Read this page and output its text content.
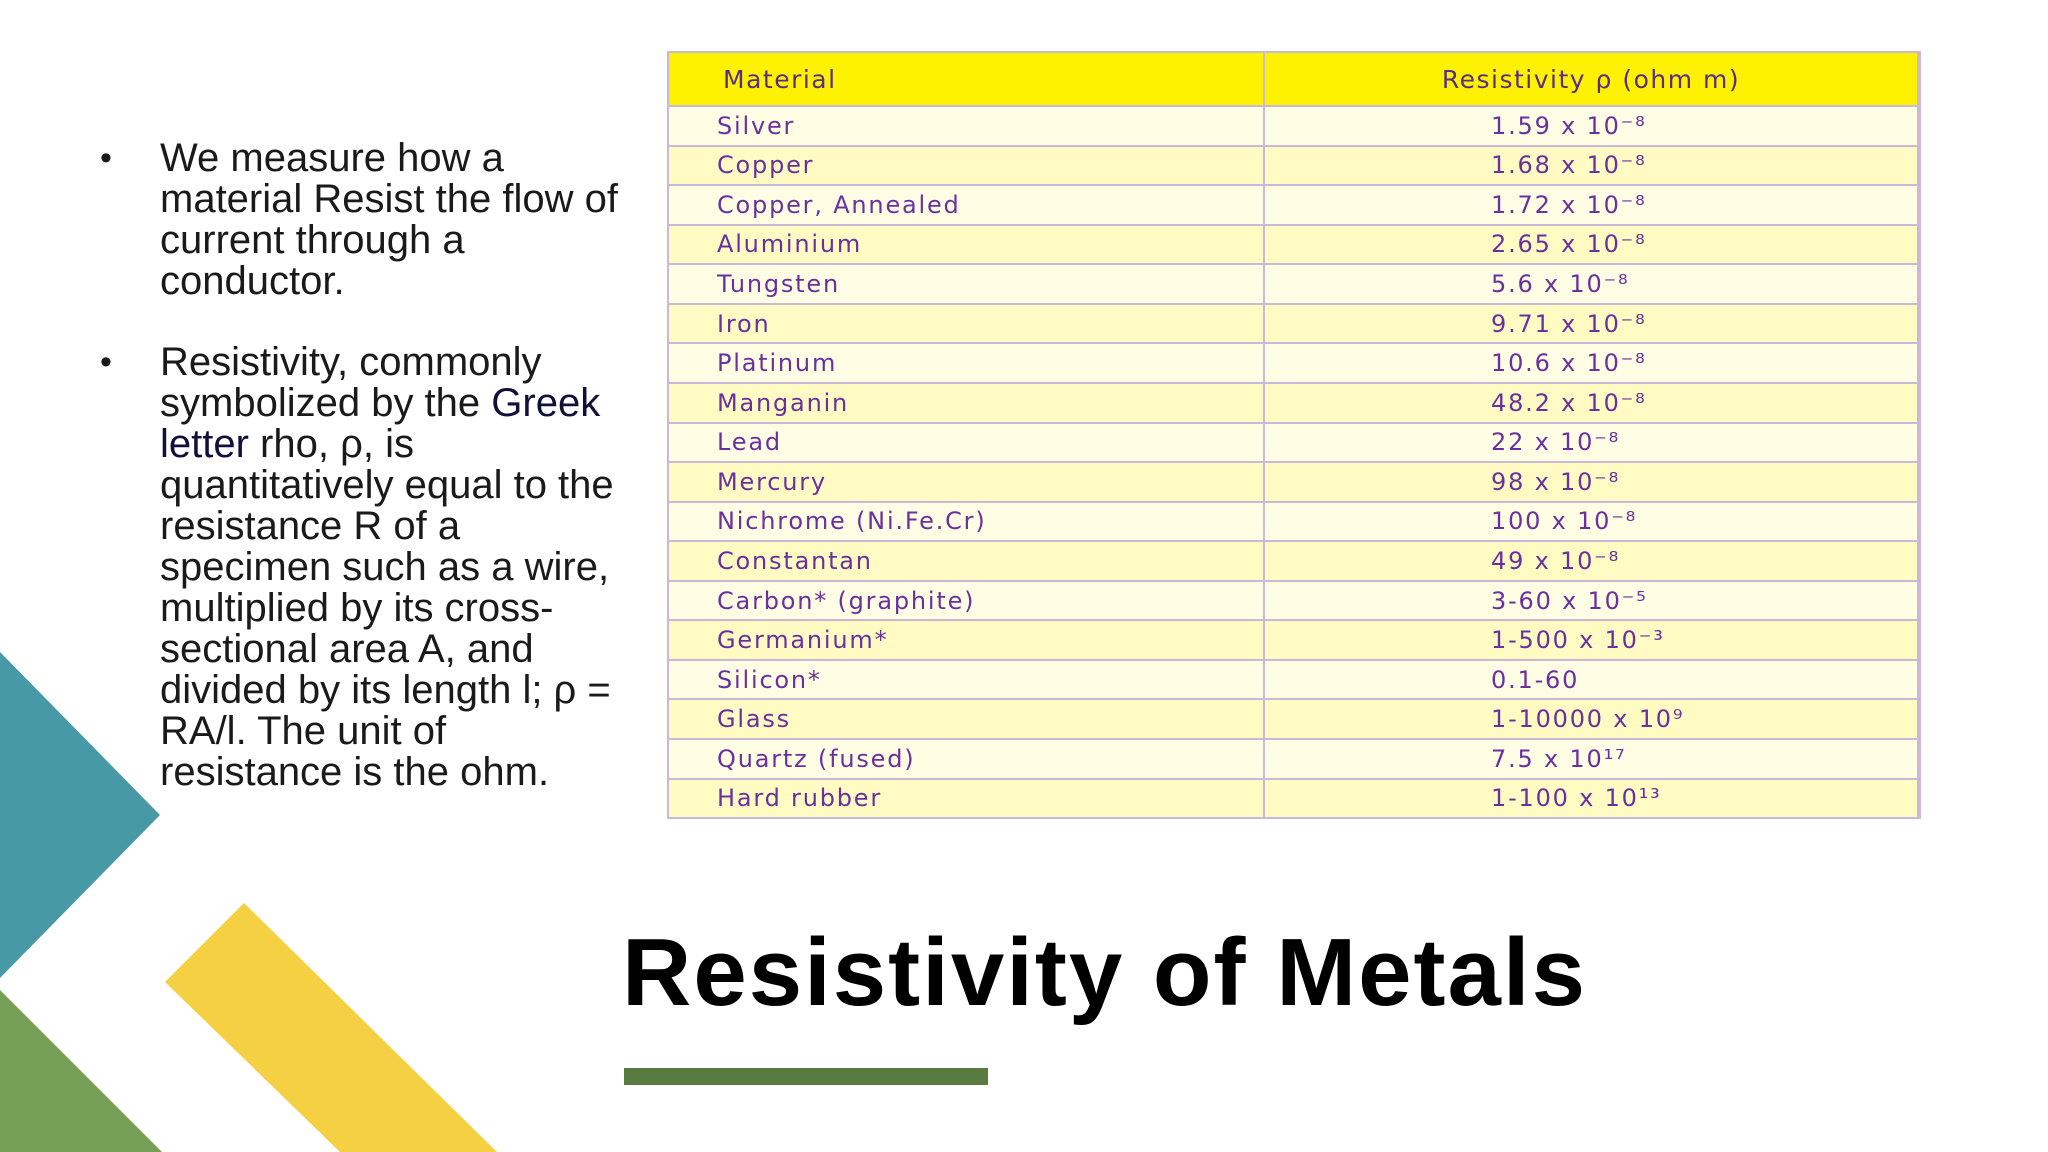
• We measure how a material Resist the flow of current through a conductor.
• Resistivity, commonly symbolized by the Greek letter rho, ρ, is quantitatively equal to the resistance R of a specimen such as a wire, multiplied by its cross-sectional area A, and divided by its length l; ρ = RA/l. The unit of resistance is the ohm.
Material	Resistivity ρ (ohm m)
Silver	1.59 x 10⁻⁸
Copper	1.68 x 10⁻⁸
Copper, Annealed	1.72 x 10⁻⁸
Aluminium	2.65 x 10⁻⁸
Tungsten	5.6 x 10⁻⁸
Iron	9.71 x 10⁻⁸
Platinum	10.6 x 10⁻⁸
Manganin	48.2 x 10⁻⁸
Lead	22 x 10⁻⁸
Mercury	98 x 10⁻⁸
Nichrome (Ni.Fe.Cr)	100 x 10⁻⁸
Constantan	49 x 10⁻⁸
Carbon* (graphite)	3-60 x 10⁻⁵
Germanium*	1-500 x 10⁻³
Silicon*	0.1-60
Glass	1-10000 x 10⁹
Quartz (fused)	7.5 x 10¹⁷
Hard rubber	1-100 x 10¹³
Resistivity of Metals
